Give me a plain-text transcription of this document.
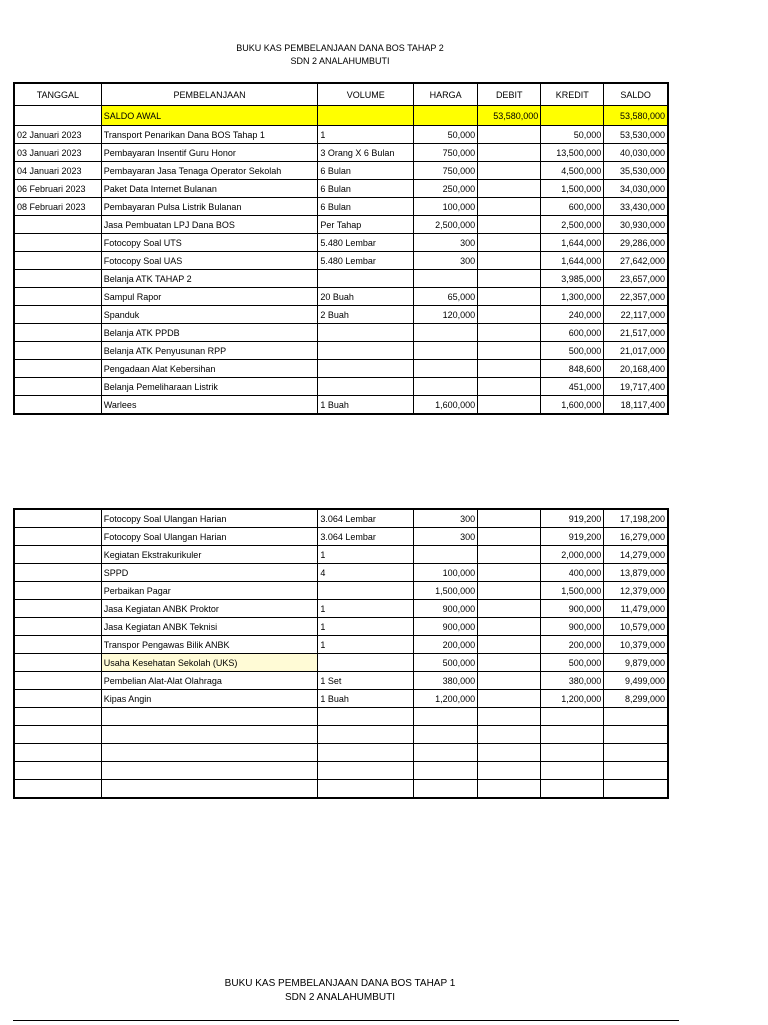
BUKU KAS PEMBELANJAAN DANA BOS TAHAP 2
SDN 2 ANALAHUMBUTI
TANGGAL	PEMBELANJAAN	VOLUME	HARGA	DEBIT	KREDIT	SALDO
	SALDO AWAL			53,580,000		53,580,000
02 Januari 2023	Transport Penarikan Dana BOS Tahap 1	1	50,000		50,000	53,530,000
03 Januari 2023	Pembayaran Insentif Guru Honor	3 Orang X 6 Bulan	750,000		13,500,000	40,030,000
04 Januari 2023	Pembayaran Jasa Tenaga Operator Sekolah	6 Bulan	750,000		4,500,000	35,530,000
06 Februari 2023	Paket Data Internet Bulanan	6 Bulan	250,000		1,500,000	34,030,000
08 Februari 2023	Pembayaran Pulsa Listrik Bulanan	6 Bulan	100,000		600,000	33,430,000
	Jasa Pembuatan LPJ Dana BOS	Per Tahap	2,500,000		2,500,000	30,930,000
	Fotocopy Soal UTS	5.480 Lembar	300		1,644,000	29,286,000
	Fotocopy Soal UAS	5.480 Lembar	300		1,644,000	27,642,000
	Belanja ATK TAHAP 2				3,985,000	23,657,000
	Sampul Rapor	20 Buah	65,000		1,300,000	22,357,000
	Spanduk	2 Buah	120,000		240,000	22,117,000
	Belanja ATK PPDB				600,000	21,517,000
	Belanja ATK Penyusunan RPP				500,000	21,017,000
	Pengadaan Alat Kebersihan				848,600	20,168,400
	Belanja Pemeliharaan Listrik				451,000	19,717,400
	Warlees	1 Buah	1,600,000		1,600,000	18,117,400
	Fotocopy Soal Ulangan Harian	3.064 Lembar	300		919,200	17,198,200
	Fotocopy Soal Ulangan Harian	3.064 Lembar	300		919,200	16,279,000
	Kegiatan Ekstrakurikuler	1			2,000,000	14,279,000
	SPPD	4	100,000		400,000	13,879,000
	Perbaikan Pagar		1,500,000		1,500,000	12,379,000
	Jasa Kegiatan ANBK Proktor	1	900,000		900,000	11,479,000
	Jasa Kegiatan ANBK Teknisi	1	900,000		900,000	10,579,000
	Transpor Pengawas Bilik ANBK	1	200,000		200,000	10,379,000
	Usaha Kesehatan Sekolah (UKS)		500,000		500,000	9,879,000
	Pembelian Alat-Alat Olahraga	1 Set	380,000		380,000	9,499,000
	Kipas Angin	1 Buah	1,200,000		1,200,000	8,299,000

BUKU KAS PEMBELANJAAN DANA BOS TAHAP 1
SDN 2 ANALAHUMBUTI
